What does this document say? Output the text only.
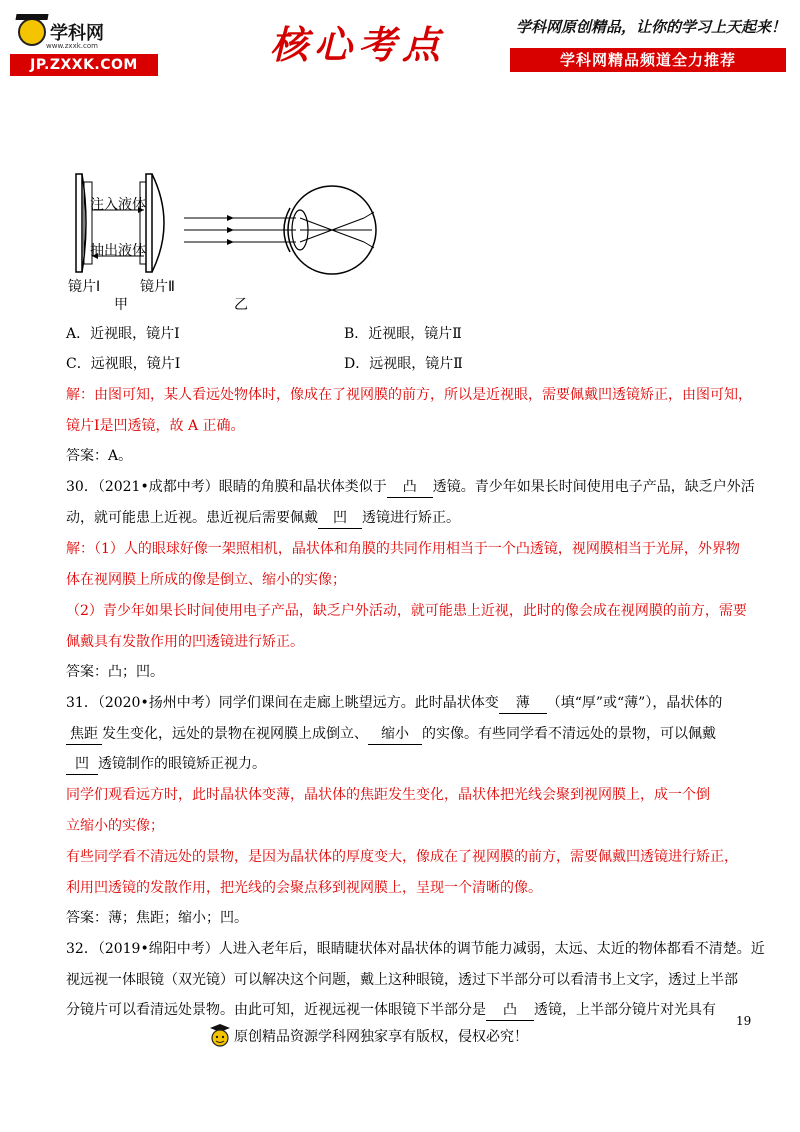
学科网
www.zxxk.com
JP.ZXXK.COM	核心考点	学科网原创精品，让你的学习上天起来！
学科网精品频道全力推荐
注入液体
抽出液体
镜片Ⅰ	镜片Ⅱ
甲	乙
A．近视眼，镜片Ⅰ	B．近视眼，镜片Ⅱ
C．远视眼，镜片Ⅰ	D．远视眼，镜片Ⅱ
解：由图可知，某人看远处物体时，像成在了视网膜的前方，所以是近视眼，需要佩戴凹透镜矫正，由图可知，
镜片Ⅰ是凹透镜，故 A 正确。
答案：A。
30．（2021•成都中考）眼睛的角膜和晶状体类似于 凸 透镜。青少年如果长时间使用电子产品，缺乏户外活
动，就可能患上近视。患近视后需要佩戴 凹 透镜进行矫正。
解：（1）人的眼球好像一架照相机，晶状体和角膜的共同作用相当于一个凸透镜，视网膜相当于光屏，外界物
体在视网膜上所成的像是倒立、缩小的实像；
（2）青少年如果长时间使用电子产品，缺乏户外活动，就可能患上近视，此时的像会成在视网膜的前方，需要
佩戴具有发散作用的凹透镜进行矫正。
答案：凸；凹。
31．（2020•扬州中考）同学们课间在走廊上眺望远方。此时晶状体变 薄 （填“厚”或“薄”），晶状体的
焦距 发生变化，远处的景物在视网膜上成倒立、 缩小 的实像。有些同学看不清远处的景物，可以佩戴
凹 透镜制作的眼镜矫正视力。
同学们观看远方时，此时晶状体变薄，晶状体的焦距发生变化，晶状体把光线会聚到视网膜上，成一个倒
立缩小的实像；
有些同学看不清远处的景物，是因为晶状体的厚度变大，像成在了视网膜的前方，需要佩戴凹透镜进行矫正，
利用凹透镜的发散作用，把光线的会聚点移到视网膜上，呈现一个清晰的像。
答案：薄；焦距；缩小；凹。
32．（2019•绵阳中考）人进入老年后，眼睛睫状体对晶状体的调节能力减弱，太远、太近的物体都看不清楚。近
视远视一体眼镜（双光镜）可以解决这个问题，戴上这种眼镜，透过下半部分可以看清书上文字，透过上半部
分镜片可以看清远处景物。由此可知，近视远视一体眼镜下半部分是 凸 透镜，上半部分镜片对光具有
19
原创精品资源学科网独家享有版权，侵权必究！
